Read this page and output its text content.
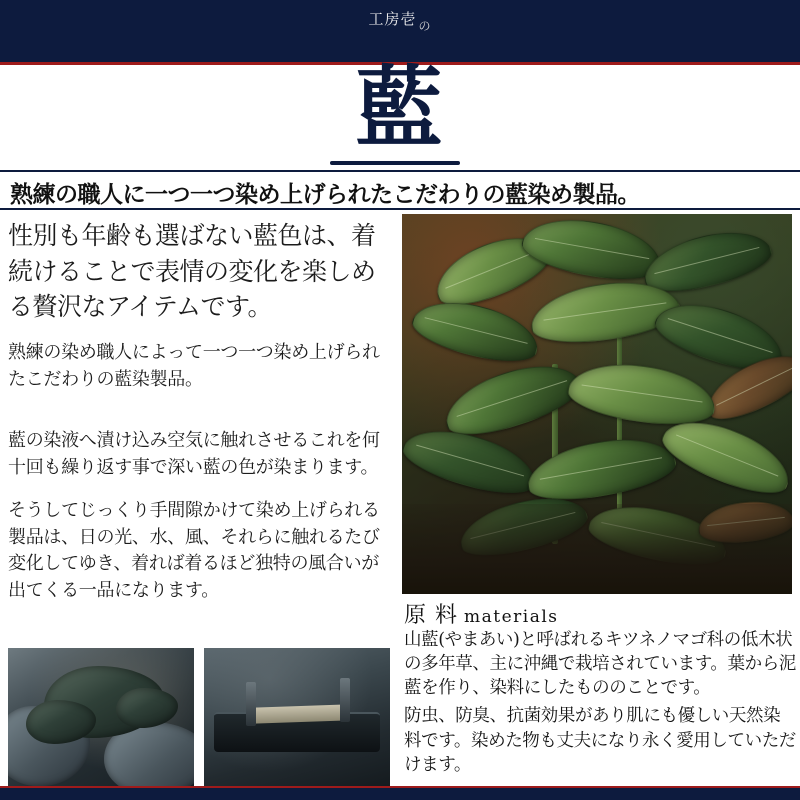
工房壱 $_の$
藍
熟練の職人に一つ一つ染め上げられたこだわりの藍染め製品。
性別も年齢も選ばない藍色は、着続けることで表情の変化を楽しめる贅沢なアイテムです。
熟練の染め職人によって一つ一つ染め上げられたこだわりの藍染製品。
藍の染液へ漬け込み空気に触れさせるこれを何十回も繰り返す事で深い藍の色が染まります。
そうしてじっくり手間隙かけて染め上げられる製品は、日の光、水、風、それらに触れるたび変化してゆき、着れば着るほど独特の風合いが出てくる一品になります。
原 料 materials

山藍(やまあい)と呼ばれるキツネノマゴ科の低木状の多年草、主に沖縄で栽培されています。葉から泥藍を作り、染料にしたもののことです。

防虫、防臭、抗菌効果があり肌にも優しい天然染料です。染めた物も丈夫になり永く愛用していただけます。
